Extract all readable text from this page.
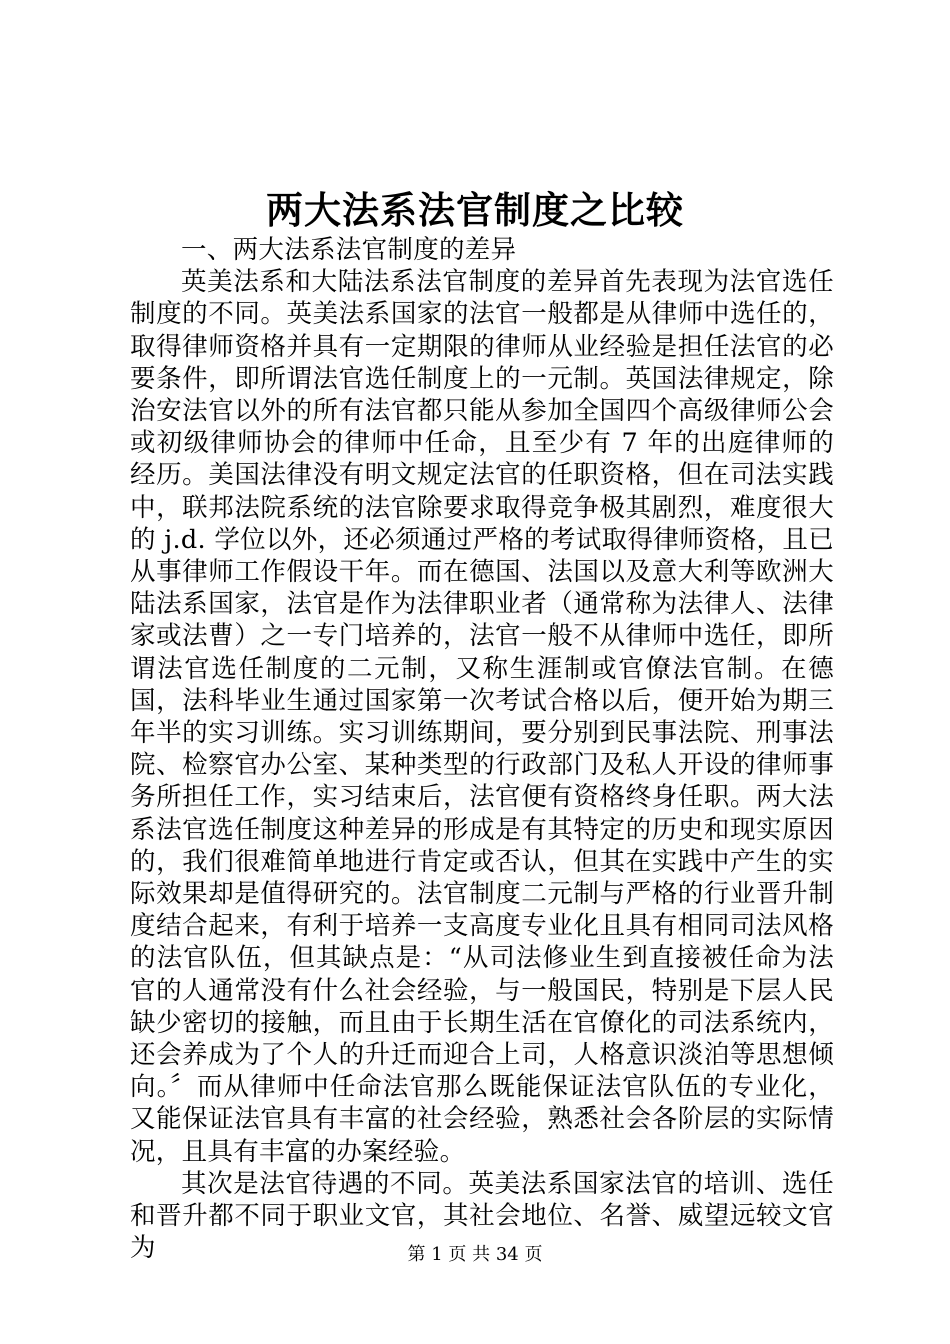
两大法系法官制度之比较

一、两大法系法官制度的差异

英美法系和大陆法系法官制度的差异首先表现为法官选任制度的不同。英美法系国家的法官一般都是从律师中选任的，取得律师资格并具有一定期限的律师从业经验是担任法官的必要条件，即所谓法官选任制度上的一元制。英国法律规定，除治安法官以外的所有法官都只能从参加全国四个高级律师公会或初级律师协会的律师中任命，且至少有 7 年的出庭律师的经历。美国法律没有明文规定法官的任职资格，但在司法实践中，联邦法院系统的法官除要求取得竞争极其剧烈，难度很大的 j.d. 学位以外，还必须通过严格的考试取得律师资格，且已从事律师工作假设干年。而在德国、法国以及意大利等欧洲大陆法系国家，法官是作为法律职业者（通常称为法律人、法律家或法曹）之一专门培养的，法官一般不从律师中选任，即所谓法官选任制度的二元制，又称生涯制或官僚法官制。在德国，法科毕业生通过国家第一次考试合格以后，便开始为期三年半的实习训练。实习训练期间，要分别到民事法院、刑事法院、检察官办公室、某种类型的行政部门及私人开设的律师事务所担任工作，实习结束后，法官便有资格终身任职。两大法系法官选任制度这种差异的形成是有其特定的历史和现实原因的，我们很难简单地进行肯定或否认，但其在实践中产生的实际效果却是值得研究的。法官制度二元制与严格的行业晋升制度结合起来，有利于培养一支高度专业化且具有相同司法风格的法官队伍，但其缺点是：“从司法修业生到直接被任命为法官的人通常没有什么社会经验，与一般国民，特别是下层人民缺少密切的接触，而且由于长期生活在官僚化的司法系统内，还会养成为了个人的升迁而迎合上司，人格意识淡泊等思想倾向。〞而从律师中任命法官那么既能保证法官队伍的专业化，又能保证法官具有丰富的社会经验，熟悉社会各阶层的实际情况，且具有丰富的办案经验。

其次是法官待遇的不同。英美法系国家法官的培训、选任和晋升都不同于职业文官，其社会地位、名誉、威望远较文官为	第 1 页 共 34 页
